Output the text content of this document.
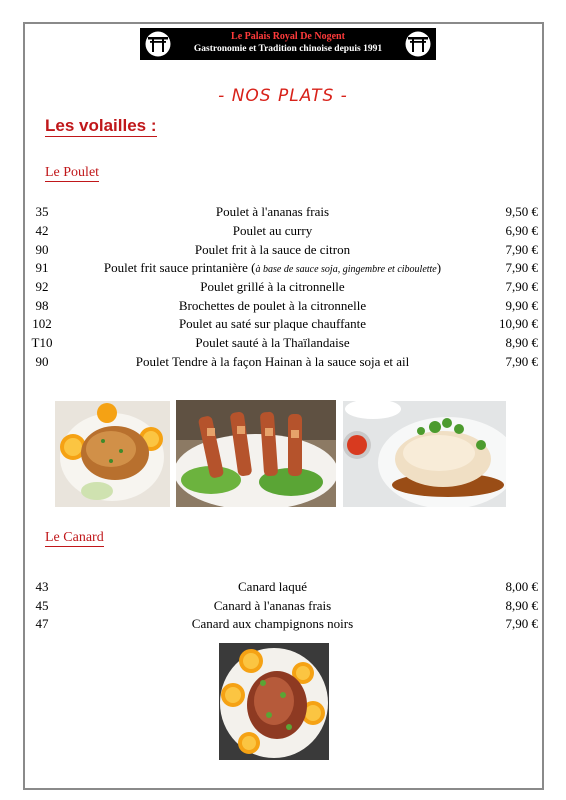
Le Palais Royal De Nogent
Gastronomie et Tradition chinoise depuis 1991
- NOS PLATS -
Les volailles :
Le Poulet
35	Poulet à l'ananas frais	9,50 €
42	Poulet au curry	6,90 €
90	Poulet frit à la sauce de citron	7,90 €
91	Poulet frit sauce printanière (à base de sauce soja, gingembre et ciboulette)	7,90 €
92	Poulet grillé à la citronnelle	7,90 €
98	Brochettes de poulet à la citronnelle	9,90 €
102	Poulet au saté sur plaque chauffante	10,90 €
T10	Poulet sauté à la Thaïlandaise	8,90 €
90	Poulet Tendre à la façon Hainan à la sauce soja et ail	7,90 €
Le Canard
43	Canard laqué	8,00 €
45	Canard à l'ananas frais	8,90 €
47	Canard aux champignons noirs	7,90 €
